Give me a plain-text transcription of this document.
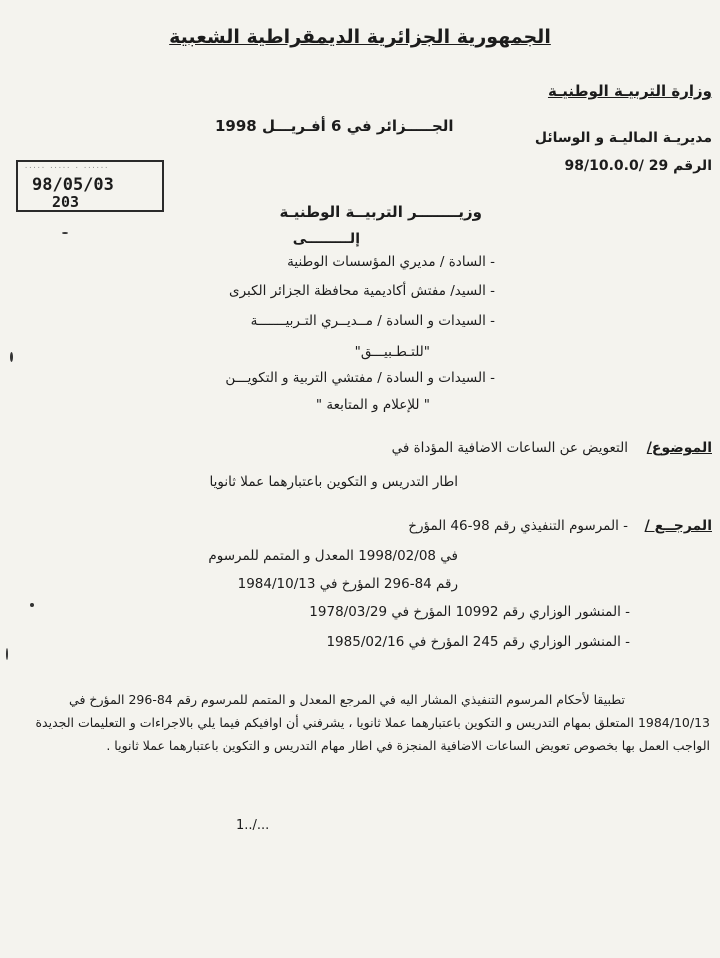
الجمهورية الجزائرية الديمقراطية الشعبية
وزارة التربيـة الوطنيـة
مديريـة الماليـة و الوسائل
الرقم 29 /98/10.0.0
الجـــــزائر في 6 أفـريـــل 1998
····· ····· · ······
98/05/03
203
وزيــــــــر التربيــة الوطنيـة
إلـــــــــى
- السادة / مديري المؤسسات الوطنية
- السيد/ مفتش أكاديمية محافظة الجزائر الكبرى
- السيدات و السادة / مــديــري التـربيـــــــة
"للتـطـبيـــق"
- السيدات و السادة / مفتشي التربية و التكويـــن
" للإعلام و المتابعة "
الموضوع/
التعويض عن الساعات الاضافية المؤداة في
اطار التدريس و التكوين باعتبارهما عملا ثانويا
المرجــع /
- المرسوم التنفيذي رقم 98-46 المؤرخ
في 1998/02/08 المعدل و المتمم للمرسوم
رقم 84-296 المؤرخ في 1984/10/13
- المنشور الوزاري رقم 10992 المؤرخ في 1978/03/29
- المنشور الوزاري رقم 245 المؤرخ في 1985/02/16
تطبيقا لأحكام المرسوم التنفيذي المشار اليه في المرجع المعدل و المتمم للمرسوم رقم 84-296 المؤرخ في 1984/10/13 المتعلق بمهام التدريس و التكوين باعتبارهما عملا ثانويا ، يشرفني أن اوافيكم فيما يلي بالاجراءات و التعليمات الجديدة الواجب العمل بها بخصوص تعويض الساعات الاضافية المنجزة في اطار مهام التدريس و التكوين باعتبارهما عملا ثانويا .
1../...
